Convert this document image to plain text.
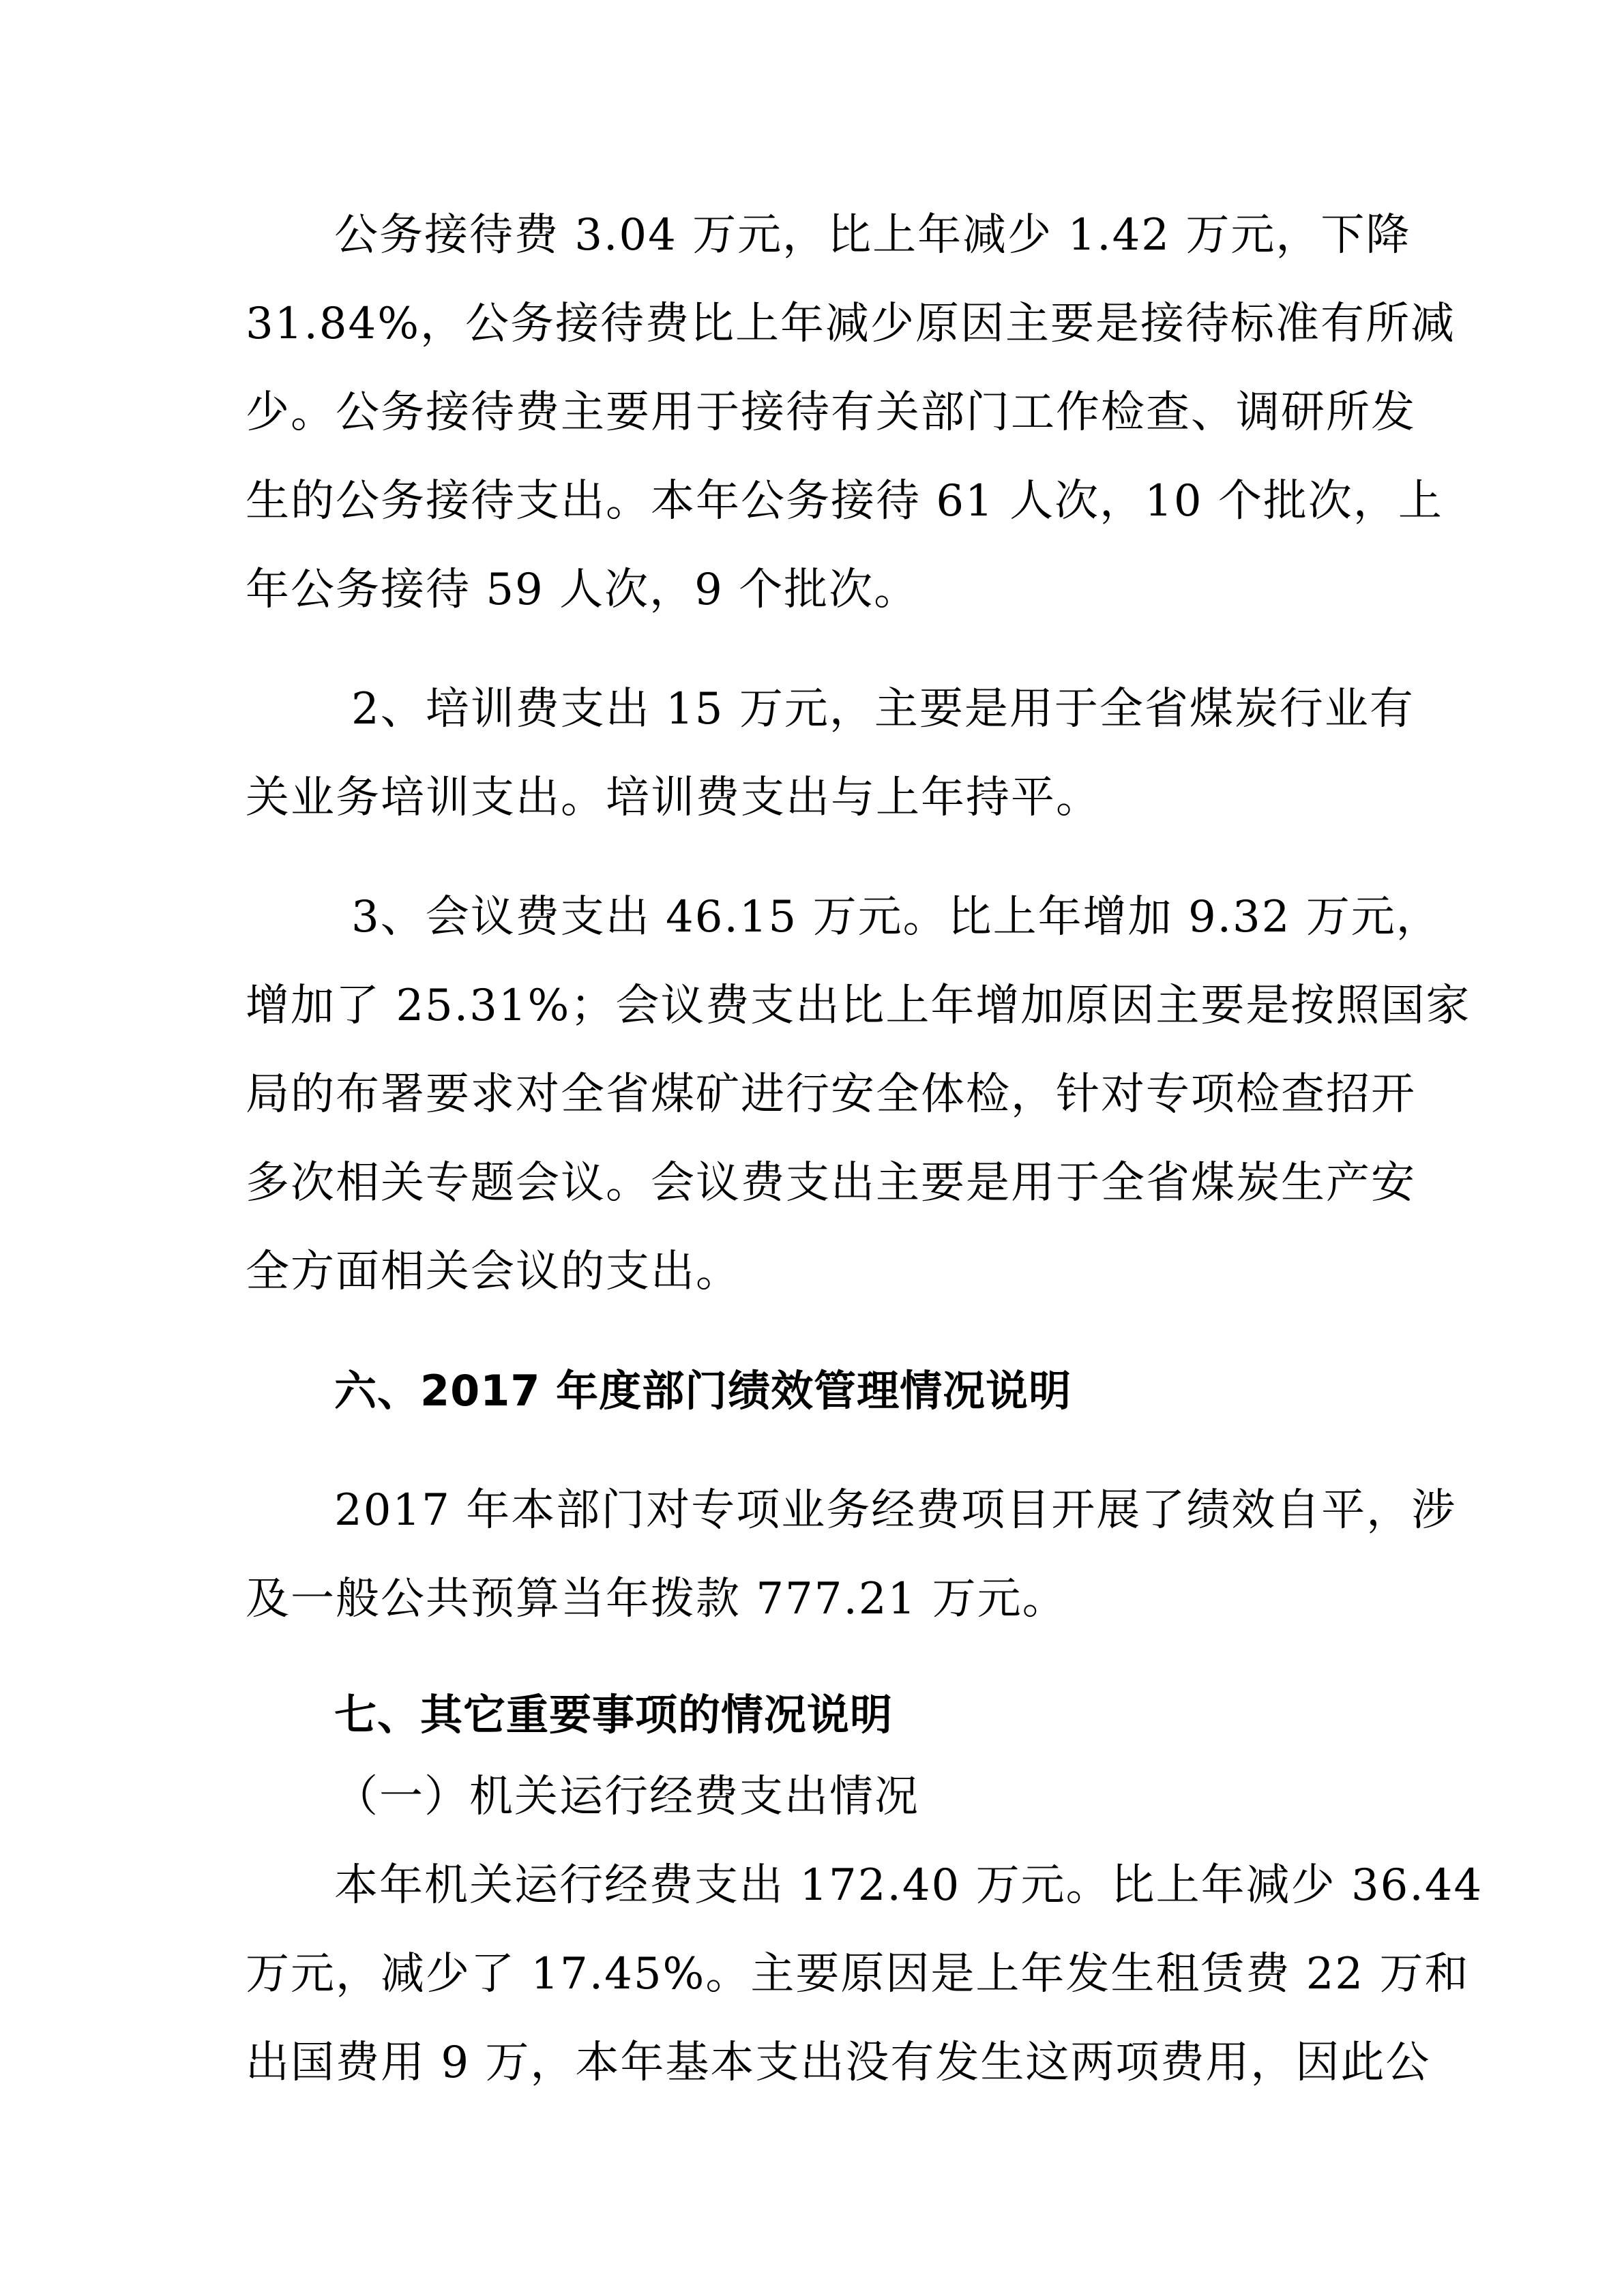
公务接待费 3.04 万元，比上年减少 1.42 万元，下降
31.84%，公务接待费比上年减少原因主要是接待标准有所减
少。公务接待费主要用于接待有关部门工作检查、调研所发
生的公务接待支出。本年公务接待 61 人次，10 个批次，上
年公务接待 59 人次，9 个批次。
2、培训费支出 15 万元，主要是用于全省煤炭行业有
关业务培训支出。培训费支出与上年持平。
3、会议费支出 46.15 万元。比上年增加 9.32 万元，
增加了 25.31%；会议费支出比上年增加原因主要是按照国家
局的布署要求对全省煤矿进行安全体检，针对专项检查招开
多次相关专题会议。会议费支出主要是用于全省煤炭生产安
全方面相关会议的支出。
六、2017 年度部门绩效管理情况说明
2017 年本部门对专项业务经费项目开展了绩效自平，涉
及一般公共预算当年拨款 777.21 万元。
七、其它重要事项的情况说明
（一）机关运行经费支出情况
本年机关运行经费支出 172.40 万元。比上年减少 36.44
万元，减少了 17.45%。主要原因是上年发生租赁费 22 万和
出国费用 9 万，本年基本支出没有发生这两项费用，因此公
